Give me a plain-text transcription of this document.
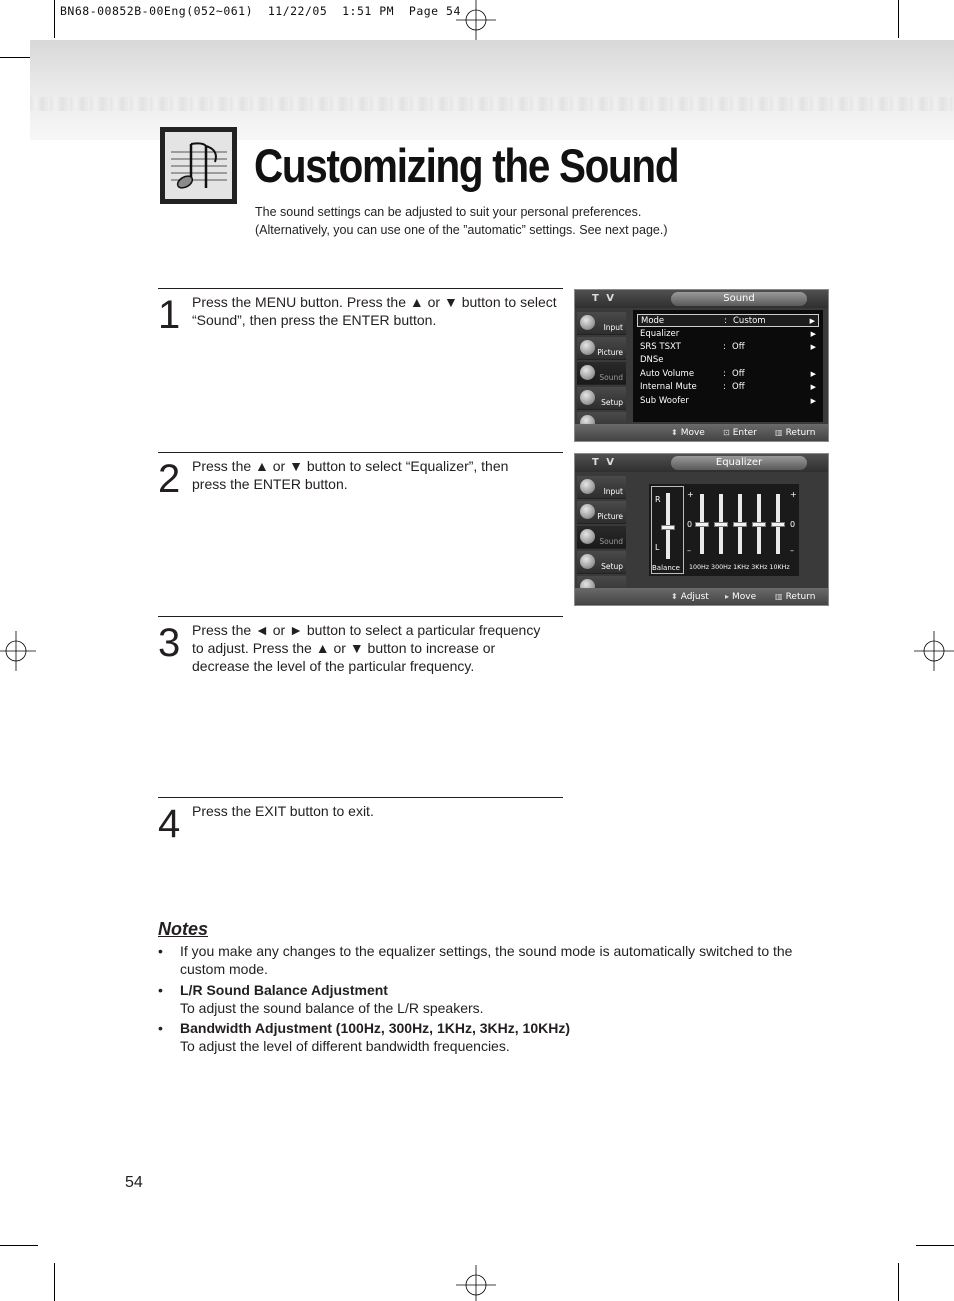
BN68-00852B-00Eng(052~061)  11/22/05  1:51 PM  Page 54
Customizing the Sound
The sound settings can be adjusted to suit your personal preferences.
(Alternatively, you can use one of the ”automatic” settings. See next page.)
1 Press the MENU button. Press the ▲ or ▼ button to select “Sound”, then press the ENTER button.
2 Press the ▲ or ▼ button to select “Equalizer”, then press the ENTER button.
3 Press the ◄ or ► button to select a particular frequency to adjust. Press the ▲ or ▼ button to increase or decrease the level of the particular frequency.
4 Press the EXIT button to exit.
T V	Sound
Input
Picture
Sound
Setup
Mode	: Custom	▶
Equalizer	▶
SRS TSXT	: Off	▶
DNSe
Auto Volume	: Off	▶
Internal Mute	: Off	▶
Sub Woofer	▶
⬍ Move ⊡ Enter ▥ Return
T V	Equalizer
Input
Picture
Sound
Setup
R
L
Balance
+
0
–
+
0
–
100Hz 300Hz 1KHz 3KHz 10KHz
⬍ Adjust ▸ Move ▥ Return
Notes
• If you make any changes to the equalizer settings, the sound mode is automatically switched to the custom mode.
• L/R Sound Balance Adjustment
To adjust the sound balance of the L/R speakers.
• Bandwidth Adjustment (100Hz, 300Hz, 1KHz, 3KHz, 10KHz)
To adjust the level of different bandwidth frequencies.
54
